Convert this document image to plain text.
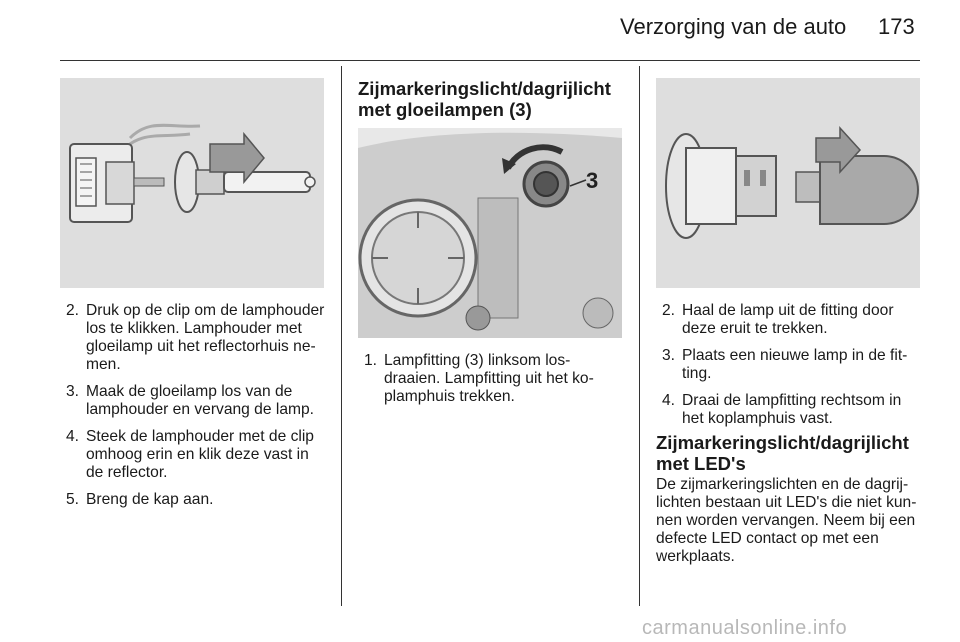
Verzorging van de auto 173
2. Druk op de clip om de lamphouder los te klikken. Lamphouder met gloeilamp uit het reflectorhuis ne-men.
3. Maak de gloeilamp los van de lamphouder en vervang de lamp.
4. Steek de lamphouder met de clip omhoog erin en klik deze vast in de reflector.
5. Breng de kap aan.
Zijmarkeringslicht/dagrijlicht met gloeilampen (3)
3
1. Lampfitting (3) linksom los-draaien. Lampfitting uit het ko-plamphuis trekken.
2. Haal de lamp uit de fitting door deze eruit te trekken.
3. Plaats een nieuwe lamp in de fit-ting.
4. Draai de lampfitting rechtsom in het koplamphuis vast.
Zijmarkeringslicht/dagrijlicht met LED's

De zijmarkeringslichten en de dagrij-lichten bestaan uit LED's die niet kun-nen worden vervangen. Neem bij een defecte LED contact op met een werkplaats.

carmanualsonline.info
